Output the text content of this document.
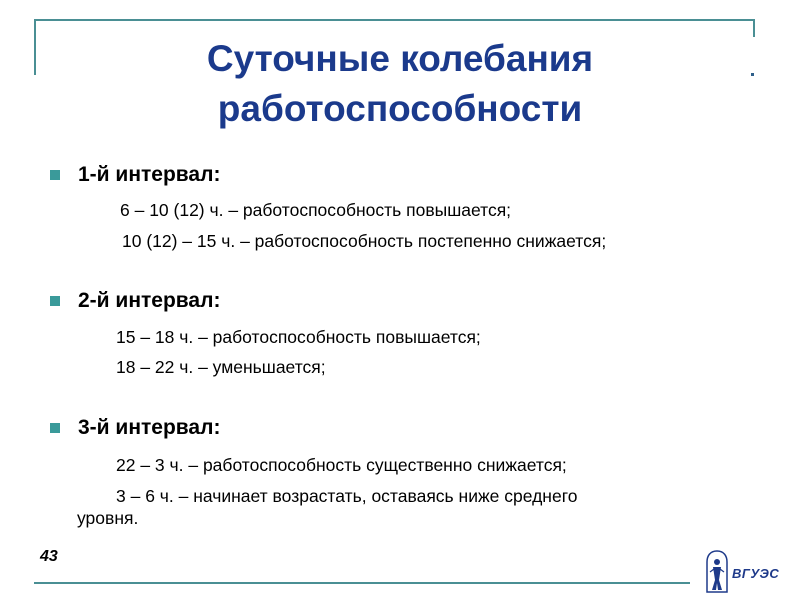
Суточные колебания
работоспособности
1-й интервал:
6 – 10 (12) ч. – работоспособность повышается;
10 (12) – 15 ч. – работоспособность постепенно снижается;
2-й интервал:
15 – 18 ч. – работоспособность повышается;
18 – 22 ч. – уменьшается;
3-й интервал:
22 – 3 ч. – работоспособность существенно снижается;
3 – 6 ч. – начинает возрастать, оставаясь ниже среднего
уровня.
43
ВГУЭС
